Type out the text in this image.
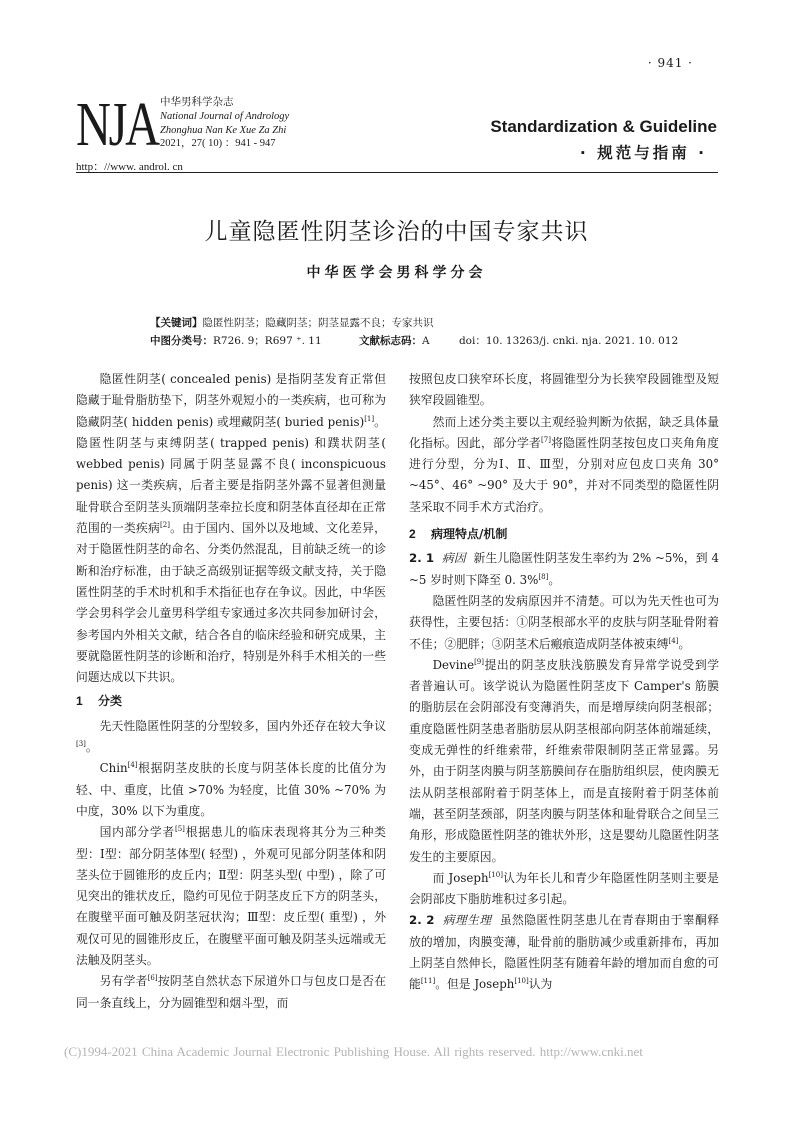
· 941 ·
NJA 中华男科学杂志
National Journal of Andrology
Zhonghua Nan Ke Xue Za Zhi
2021，27( 10) ：941 - 947
http：//www. androl. cn
Standardization & Guideline
· 规范与指南 ·
儿童隐匿性阴茎诊治的中国专家共识
中华医学会男科学分会
【关键词】隐匿性阴茎；隐藏阴茎；阴茎显露不良；专家共识
中图分类号：R726. 9；R697 ⁺. 11	文献标志码：A	doi：10. 13263/j. cnki. nja. 2021. 10. 012

隐匿性阴茎( concealed penis) 是指阴茎发育正常但隐藏于耻骨脂肪垫下，阴茎外观短小的一类疾病，也可称为隐藏阴茎( hidden penis) 或埋藏阴茎( buried penis)[1]。隐匿性阴茎与束缚阴茎( trapped penis) 和蹼状阴茎( webbed penis) 同属于阴茎显露不良( inconspicuous penis) 这一类疾病，后者主要是指阴茎外露不显著但测量耻骨联合至阴茎头顶端阴茎牵拉长度和阴茎体直径却在正常范围的一类疾病[2]。由于国内、国外以及地域、文化差异，对于隐匿性阴茎的命名、分类仍然混乱，目前缺乏统一的诊断和治疗标准，由于缺乏高级别证据等级文献支持，关于隐匿性阴茎的手术时机和手术指征也存在争议。因此，中华医学会男科学会儿童男科学组专家通过多次共同参加研讨会，参考国内外相关文献，结合各自的临床经验和研究成果，主要就隐匿性阴茎的诊断和治疗，特别是外科手术相关的一些问题达成以下共识。

1 分类

先天性隐匿性阴茎的分型较多，国内外还存在较大争议[3]。

Chin[4]根据阴茎皮肤的长度与阴茎体长度的比值分为轻、中、重度，比值 >70% 为轻度，比值 30% ~70% 为中度，30% 以下为重度。

国内部分学者[5]根据患儿的临床表现将其分为三种类型：Ⅰ型：部分阴茎体型( 轻型) ，外观可见部分阴茎体和阴茎头位于圆锥形的皮丘内；Ⅱ型：阴茎头型( 中型) ，除了可见突出的锥状皮丘，隐约可见位于阴茎皮丘下方的阴茎头，在腹壁平面可触及阴茎冠状沟；Ⅲ型：皮丘型( 重型) ，外观仅可见的圆锥形皮丘，在腹壁平面可触及阴茎头远端或无法触及阴茎头。

另有学者[6]按阴茎自然状态下尿道外口与包皮口是否在同一条直线上，分为圆锥型和烟斗型，而

按照包皮口狭窄环长度，将圆锥型分为长狭窄段圆锥型及短狭窄段圆锥型。

然而上述分类主要以主观经验判断为依据，缺乏具体量化指标。因此，部分学者[7]将隐匿性阴茎按包皮口夹角角度进行分型，分为Ⅰ、Ⅱ、Ⅲ型，分别对应包皮口夹角 30° ~45°、46° ~90° 及大于 90°，并对不同类型的隐匿性阴茎采取不同手术方式治疗。

2 病理特点/机制

2. 1 病因 新生儿隐匿性阴茎发生率约为 2% ~5%，到 4 ~5 岁时则下降至 0. 3%[8]。

隐匿性阴茎的发病原因并不清楚。可以为先天性也可为获得性，主要包括：①阴茎根部水平的皮肤与阴茎耻骨附着不佳；②肥胖；③阴茎术后瘢痕造成阴茎体被束缚[4]。

Devine[9]提出的阴茎皮肤浅筋膜发育异常学说受到学者普遍认可。该学说认为隐匿性阴茎皮下 Camper's 筋膜的脂肪层在会阴部没有变薄消失，而是增厚续向阴茎根部；重度隐匿性阴茎患者脂肪层从阴茎根部向阴茎体前端延续，变成无弹性的纤维索带，纤维索带限制阴茎正常显露。另外，由于阴茎肉膜与阴茎筋膜间存在脂肪组织层，使肉膜无法从阴茎根部附着于阴茎体上，而是直接附着于阴茎体前端，甚至阴茎颈部，阴茎肉膜与阴茎体和耻骨联合之间呈三角形，形成隐匿性阴茎的锥状外形，这是婴幼儿隐匿性阴茎发生的主要原因。

而 Joseph[10]认为年长儿和青少年隐匿性阴茎则主要是会阴部皮下脂肪堆积过多引起。

2. 2 病理生理 虽然隐匿性阴茎患儿在青春期由于睾酮释放的增加，肉膜变薄，耻骨前的脂肪减少或重新排布，再加上阴茎自然伸长，隐匿性阴茎有随着年龄的增加而自愈的可能[11]。但是 Joseph[10]认为

(C)1994-2021 China Academic Journal Electronic Publishing House. All rights reserved. http://www.cnki.net
